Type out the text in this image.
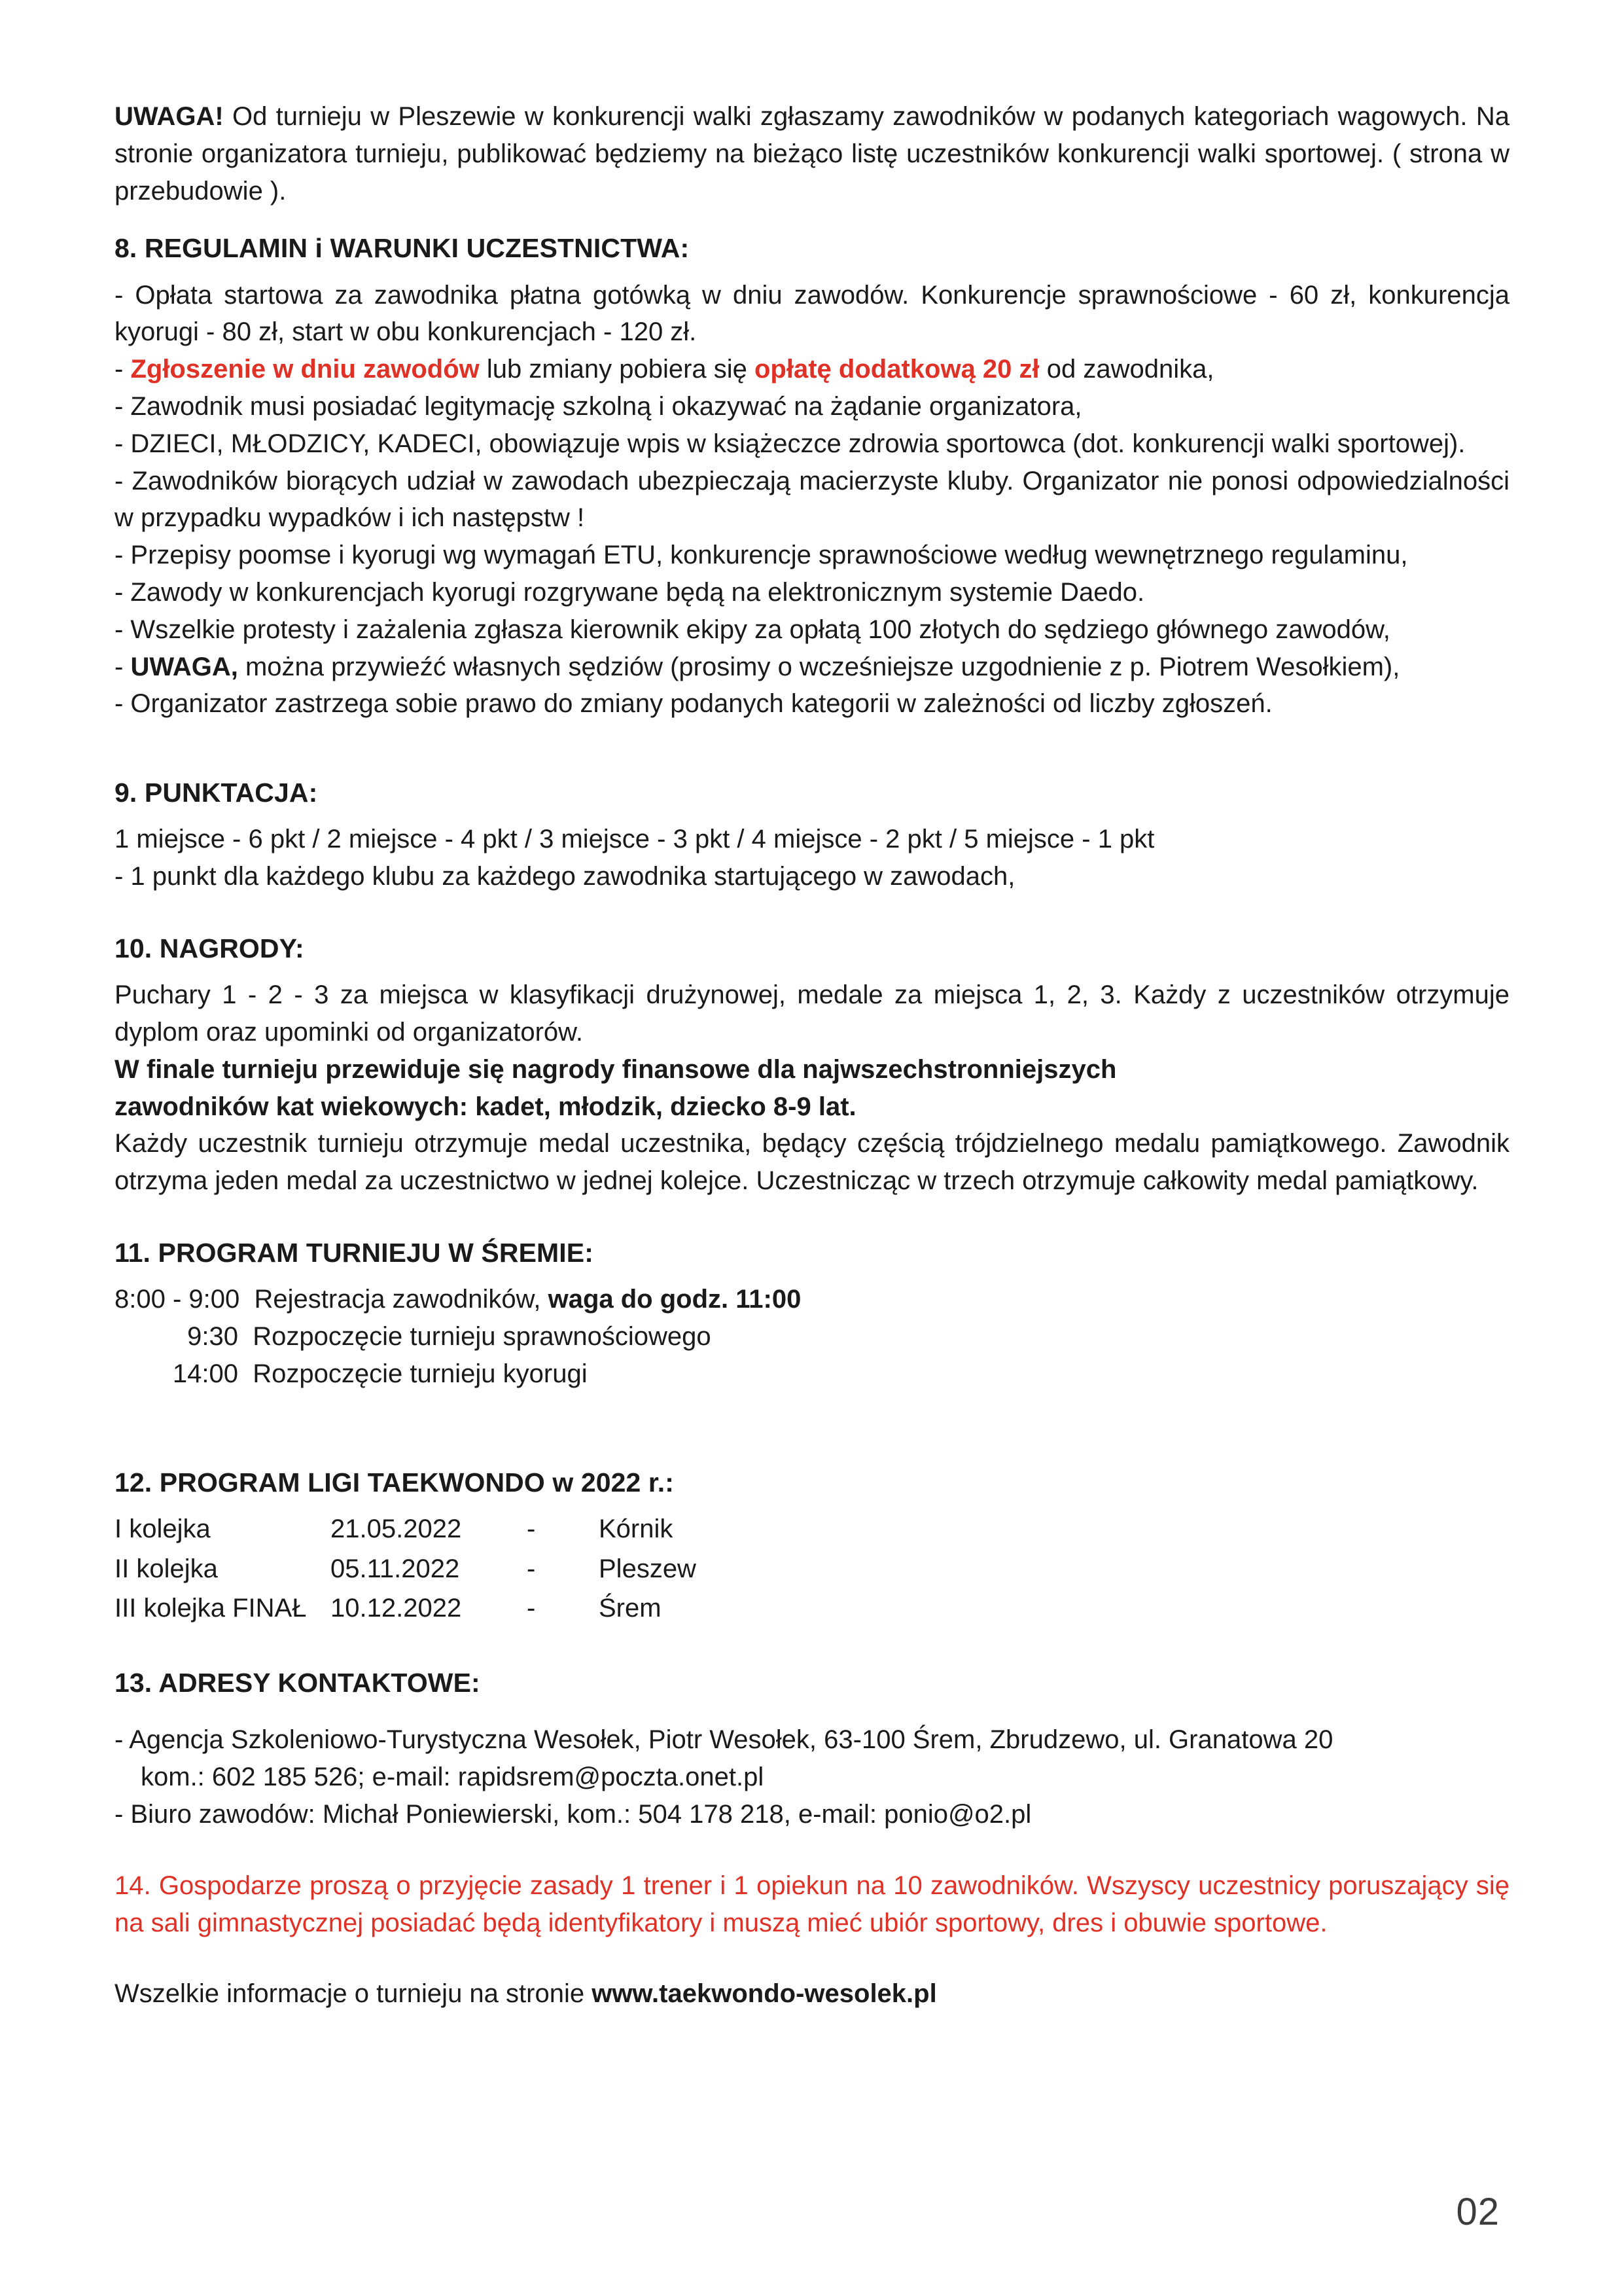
UWAGA! Od turnieju w Pleszewie w konkurencji walki zgłaszamy zawodników w podanych kategoriach wagowych. Na stronie organizatora turnieju, publikować będziemy na bieżąco listę uczestników konkurencji walki sportowej. ( strona w przebudowie ).

8. REGULAMIN i WARUNKI UCZESTNICTWA:

- Opłata startowa za zawodnika płatna gotówką w dniu zawodów. Konkurencje sprawnościowe - 60 zł, konkurencja kyorugi - 80 zł, start w obu konkurencjach - 120 zł.

- Zgłoszenie w dniu zawodów lub zmiany pobiera się opłatę dodatkową 20 zł od zawodnika,

- Zawodnik musi posiadać legitymację szkolną i okazywać na żądanie organizatora,

- DZIECI, MŁODZICY, KADECI, obowiązuje wpis w książeczce zdrowia sportowca (dot. konkurencji walki sportowej).

- Zawodników biorących udział w zawodach ubezpieczają macierzyste kluby. Organizator nie ponosi odpowiedzialności w przypadku wypadków i ich następstw !

- Przepisy poomse i kyorugi wg wymagań ETU, konkurencje sprawnościowe według wewnętrznego regulaminu,

- Zawody w konkurencjach kyorugi rozgrywane będą na elektronicznym systemie Daedo.

- Wszelkie protesty i zażalenia zgłasza kierownik ekipy za opłatą 100 złotych do sędziego głównego zawodów,

- UWAGA, można przywieźć własnych sędziów (prosimy o wcześniejsze uzgodnienie z p. Piotrem Wesołkiem),

- Organizator zastrzega sobie prawo do zmiany podanych kategorii w zależności od liczby zgłoszeń.

9. PUNKTACJA:

1 miejsce - 6 pkt / 2 miejsce - 4 pkt / 3 miejsce - 3 pkt / 4 miejsce - 2 pkt / 5 miejsce - 1 pkt

- 1 punkt dla każdego klubu za każdego zawodnika startującego w zawodach,

10. NAGRODY:

Puchary 1 - 2 - 3 za miejsca w klasyfikacji drużynowej, medale za miejsca 1, 2, 3. Każdy z uczestników otrzymuje dyplom oraz upominki od organizatorów.

W finale turnieju przewiduje się nagrody finansowe dla najwszechstronniejszych

zawodników kat wiekowych: kadet, młodzik, dziecko 8-9 lat.

Każdy uczestnik turnieju otrzymuje medal uczestnika, będący częścią trójdzielnego medalu pamiątkowego. Zawodnik otrzyma jeden medal za uczestnictwo w jednej kolejce. Uczestnicząc w trzech otrzymuje całkowity medal pamiątkowy.

11. PROGRAM TURNIEJU W ŚREMIE:

8:00 - 9:00  Rejestracja zawodników, waga do godz. 11:00

9:30  Rozpoczęcie turnieju sprawnościowego

14:00  Rozpoczęcie turnieju kyorugi

12. PROGRAM LIGI TAEKWONDO w 2022 r.:
I kolejka	21.05.2022	-	Kórnik
II kolejka	05.11.2022	-	Pleszew
III kolejka FINAŁ	10.12.2022	-	Śrem
13. ADRESY KONTAKTOWE:

- Agencja Szkoleniowo-Turystyczna Wesołek, Piotr Wesołek, 63-100 Śrem, Zbrudzewo, ul. Granatowa 20

kom.: 602 185 526; e-mail: rapidsrem@poczta.onet.pl

- Biuro zawodów: Michał Poniewierski, kom.: 504 178 218, e-mail: ponio@o2.pl

14. Gospodarze proszą o przyjęcie zasady 1 trener i 1 opiekun na 10 zawodników. Wszyscy uczestnicy poruszający się na sali gimnastycznej posiadać będą identyfikatory i muszą mieć ubiór sportowy, dres i obuwie sportowe.

Wszelkie informacje o turnieju na stronie www.taekwondo-wesolek.pl

02
